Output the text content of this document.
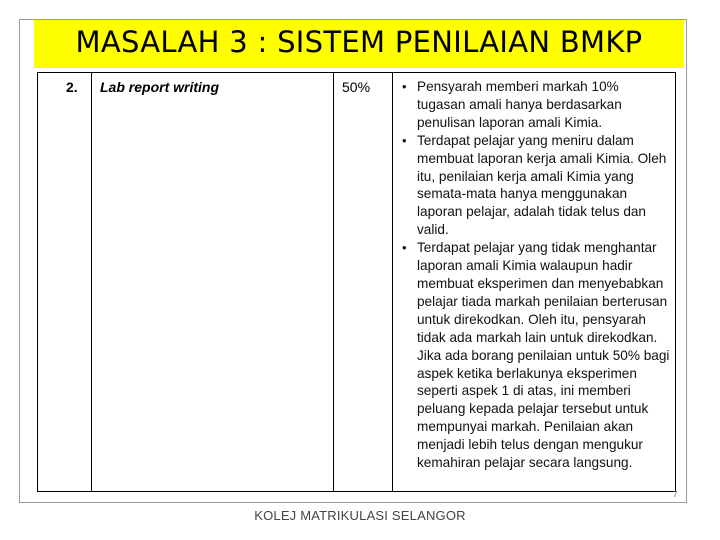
MASALAH 3 : SISTEM PENILAIAN BMKP
2. Lab report writing	50% • Pensyarah memberi markah 10% tugasan amali hanya berdasarkan penulisan laporan amali Kimia.
• Terdapat pelajar yang meniru dalam membuat laporan kerja amali Kimia. Oleh itu, penilaian kerja amali Kimia yang semata-mata hanya menggunakan laporan pelajar, adalah tidak telus dan valid.
• Terdapat pelajar yang tidak menghantar laporan amali Kimia walaupun hadir membuat eksperimen dan menyebabkan pelajar tiada markah penilaian berterusan untuk direkodkan. Oleh itu, pensyarah tidak ada markah lain untuk direkodkan. Jika ada borang penilaian untuk 50% bagi aspek ketika berlakunya eksperimen seperti aspek 1 di atas, ini memberi peluang kepada pelajar tersebut untuk mempunyai markah. Penilaian akan menjadi lebih telus dengan mengukur kemahiran pelajar secara langsung.
7
KOLEJ MATRIKULASI SELANGOR
